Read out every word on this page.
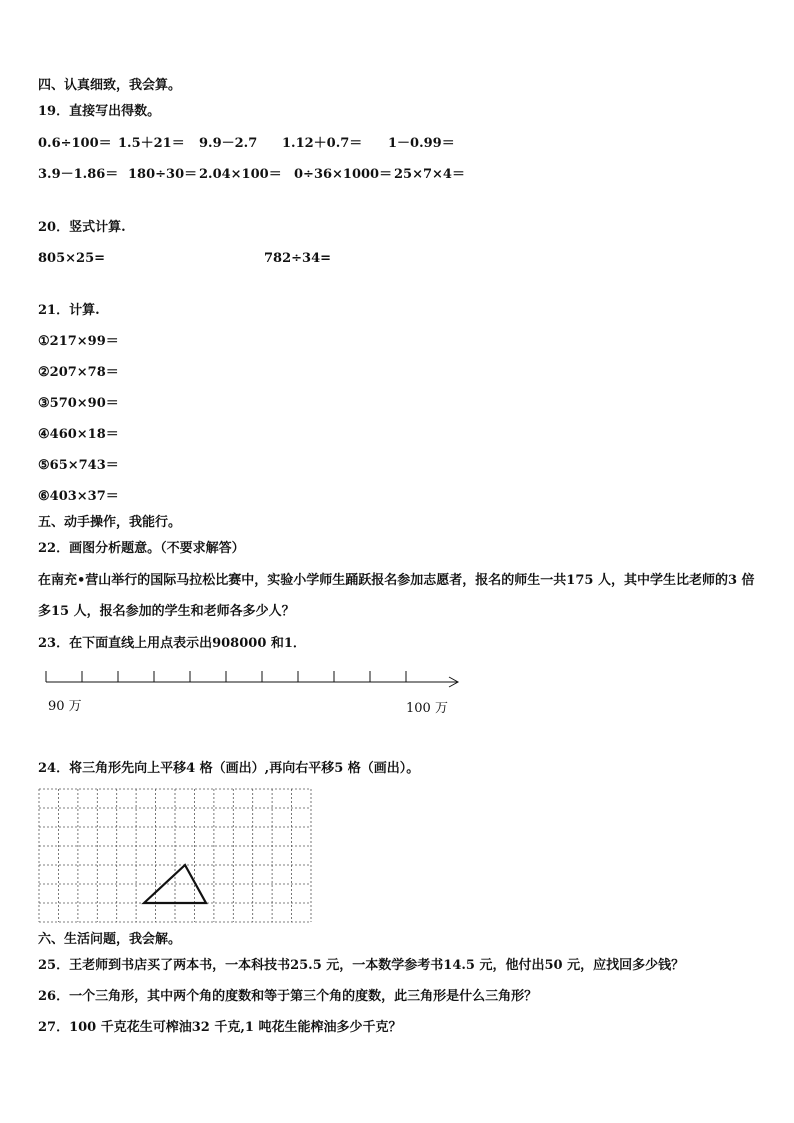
四、认真细致，我会算。
19．直接写出得数。
0.6÷100＝ 1.5＋21＝ 9.9－2.7 1.12＋0.7＝ 1－0.99＝
3.9－1.86＝ 180÷30＝ 2.04×100＝ 0÷36×1000＝ 25×7×4＝
20．竖式计算.
805×25=	782÷34=
21．计算.
①217×99＝
②207×78＝
③570×90＝
④460×18＝
⑤65×743＝
⑥403×37＝
五、动手操作，我能行。
22．画图分析题意。（不要求解答）
在南充•营山举行的国际马拉松比赛中，实验小学师生踊跃报名参加志愿者，报名的师生一共175 人，其中学生比老师的3 倍多15 人，报名参加的学生和老师各多少人？
23．在下面直线上用点表示出908000 和1．
90 万	100 万
24．将三角形先向上平移4 格（画出）,再向右平移5 格（画出）。
六、生活问题，我会解。
25．王老师到书店买了两本书，一本科技书25.5 元，一本数学参考书14.5 元，他付出50 元，应找回多少钱？
26．一个三角形，其中两个角的度数和等于第三个角的度数，此三角形是什么三角形？
27．100 千克花生可榨油32 千克,1 吨花生能榨油多少千克？
